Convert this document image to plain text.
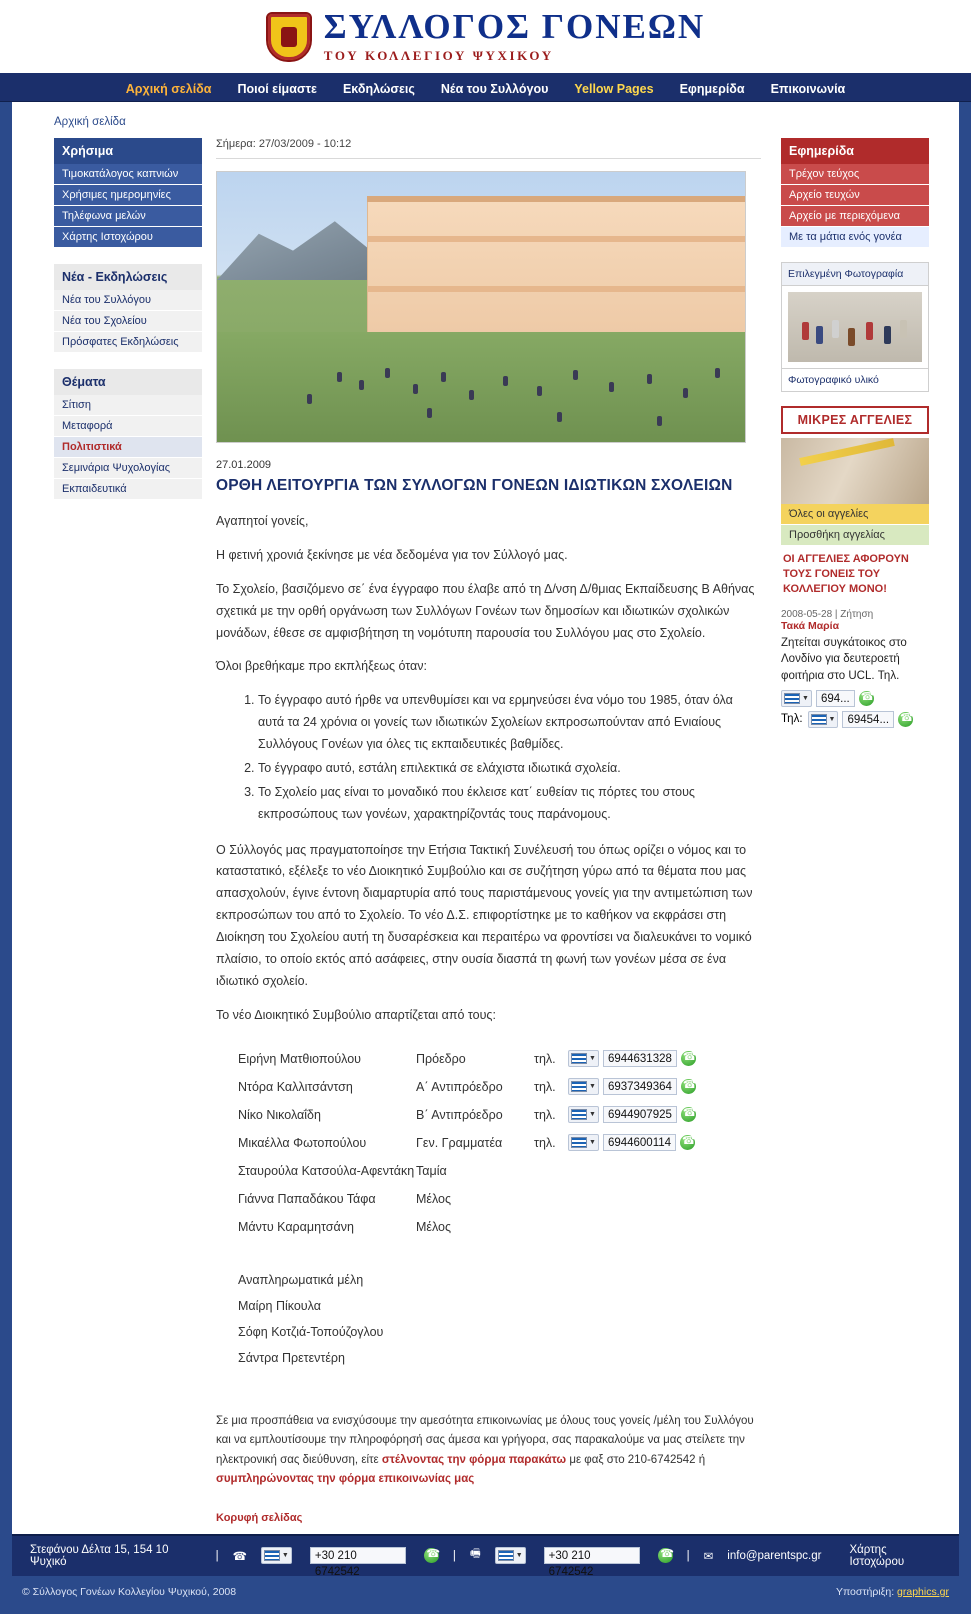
ΣΥΛΛΟΓΟΣ ΓΟΝΕΩΝ
ΤΟΥ ΚΟΛΛΕΓΙΟΥ ΨΥΧΙΚΟΥ
Αρχική σελίδα Ποιοί είμαστε Εκδηλώσεις Νέα του Συλλόγου Yellow Pages Εφημερίδα Επικοινωνία
Αρχική σελίδα
Χρήσιμα
Τιμοκατάλογος καπνιών
Χρήσιμες ημερομηνίες
Τηλέφωνα μελών
Χάρτης Ιστοχώρου
Νέα - Εκδηλώσεις
Νέα του Συλλόγου
Νέα του Σχολείου
Πρόσφατες Εκδηλώσεις
Θέματα
Σίτιση
Μεταφορά
Πολιτιστικά
Σεμινάρια Ψυχολογίας
Εκπαιδευτικά
Σήμερα: 27/03/2009 - 10:12
27.01.2009
ΟΡΘΗ ΛΕΙΤΟΥΡΓΙΑ ΤΩΝ ΣΥΛΛΟΓΩΝ ΓΟΝΕΩΝ ΙΔΙΩΤΙΚΩΝ ΣΧΟΛΕΙΩΝ

Αγαπητοί γονείς,

Η φετινή χρονιά ξεκίνησε με νέα δεδομένα για τον Σύλλογό μας.

Το Σχολείο, βασιζόμενο σε΄ ένα έγγραφο που έλαβε από τη Δ/νση Δ/θμιας Εκπαίδευσης Β Αθήνας σχετικά με την ορθή οργάνωση των Συλλόγων Γονέων των δημοσίων και ιδιωτικών σχολικών μονάδων, έθεσε σε αμφισβήτηση τη νομότυπη παρουσία του Συλλόγου μας στο Σχολείο.

Όλοι βρεθήκαμε προ εκπλήξεως όταν:

1. Το έγγραφο αυτό ήρθε να υπενθυμίσει και να ερμηνεύσει ένα νόμο του 1985, όταν όλα αυτά τα 24 χρόνια οι γονείς των ιδιωτικών Σχολείων εκπροσωπούνταν από Ενιαίους Συλλόγους Γονέων για όλες τις εκπαιδευτικές βαθμίδες.
2. Το έγγραφο αυτό, εστάλη επιλεκτικά σε ελάχιστα ιδιωτικά σχολεία.
3. Το Σχολείο μας είναι το μοναδικό που έκλεισε κατ΄ ευθείαν τις πόρτες του στους εκπροσώπους των γονέων, χαρακτηρίζοντάς τους παράνομους.

Ο Σύλλογός μας πραγματοποίησε την Ετήσια Τακτική Συνέλευσή του όπως ορίζει ο νόμος και το καταστατικό, εξέλεξε το νέο Διοικητικό Συμβούλιο και σε συζήτηση γύρω από τα θέματα που μας απασχολούν, έγινε έντονη διαμαρτυρία από τους παριστάμενους γονείς για την αντιμετώπιση των εκπροσώπων του από το Σχολείο. Το νέο Δ.Σ. επιφορτίστηκε με το καθήκον να εκφράσει στη Διοίκηση του Σχολείου αυτή τη δυσαρέσκεια και περαιτέρω να φροντίσει να διαλευκάνει το νομικό πλαίσιο, το οποίο εκτός από ασάφειες, στην ουσία διασπά τη φωνή των γονέων μέσα σε ένα ιδιωτικό σχολείο.

Το νέο Διοικητικό Συμβούλιο απαρτίζεται από τους:

Ειρήνη Ματθιοπούλου	Πρόεδρο	τηλ.	▼	6944631328
☎
Ντόρα Καλλιτσάντση	Α΄ Αντιπρόεδρο	τηλ.	▼	6937349364
☎
Νίκο Νικολαΐδη	Β΄ Αντιπρόεδρο	τηλ.	▼	6944907925
☎
Μικαέλλα Φωτοπούλου	Γεν. Γραμματέα	τηλ.	▼	6944600114
☎
Σταυρούλα Κατσούλα-Αφεντάκη Ταμία
Γιάννα Παπαδάκου Τάφα	Μέλος
Μάντυ Καραμητσάνη	Μέλος
Αναπληρωματικά μέλη
Μαίρη Πίκουλα
Σόφη Κοτζιά-Τοπούζογλου
Σάντρα Πρετεντέρη
Σε μια προσπάθεια να ενισχύσουμε την αμεσότητα επικοινωνίας με όλους τους γονείς /μέλη του Συλλόγου και να εμπλουτίσουμε την πληροφόρησή σας άμεσα και γρήγορα, σας παρακαλούμε να μας στείλετε την ηλεκτρονική σας διεύθυνση, είτε στέλνοντας την φόρμα παρακάτω με φαξ στο 210-6742542 ή συμπληρώνοντας την φόρμα επικοινωνίας μας
Κορυφή σελίδας
Εφημερίδα
Τρέχον τεύχος
Αρχείο τευχών
Αρχείο με περιεχόμενα
Με τα μάτια ενός γονέα
Επιλεγμένη Φωτογραφία
Φωτογραφικό υλικό
ΜΙΚΡΕΣ ΑΓΓΕΛΙΕΣ
Όλες οι αγγελίες
Προσθήκη αγγελίας
ΟΙ ΑΓΓΕΛΙΕΣ ΑΦΟΡΟΥΝ ΤΟΥΣ ΓΟΝΕΙΣ ΤΟΥ ΚΟΛΛΕΓΙΟΥ ΜΟΝΟ!
2008-05-28 | Ζήτηση
Τακά Μαρία
Ζητείται συγκάτοικος στο Λονδίνο για δευτεροετή φοιτήρια στο UCL. Τηλ.
▼	694...
☎
Τηλ:	▼	69454...
☎
Στεφάνου Δέλτα 15, 154 10 Ψυχικό	| ☎	▼	+30 210 6742542
☎
| 🖷	▼	+30 210 6742542
☎
| ✉ info@parentspc.gr Χάρτης Ιστοχώρου
© Σύλλογος Γονέων Κολλεγίου Ψυχικού, 2008	Υποστήριξη: graphics.gr
